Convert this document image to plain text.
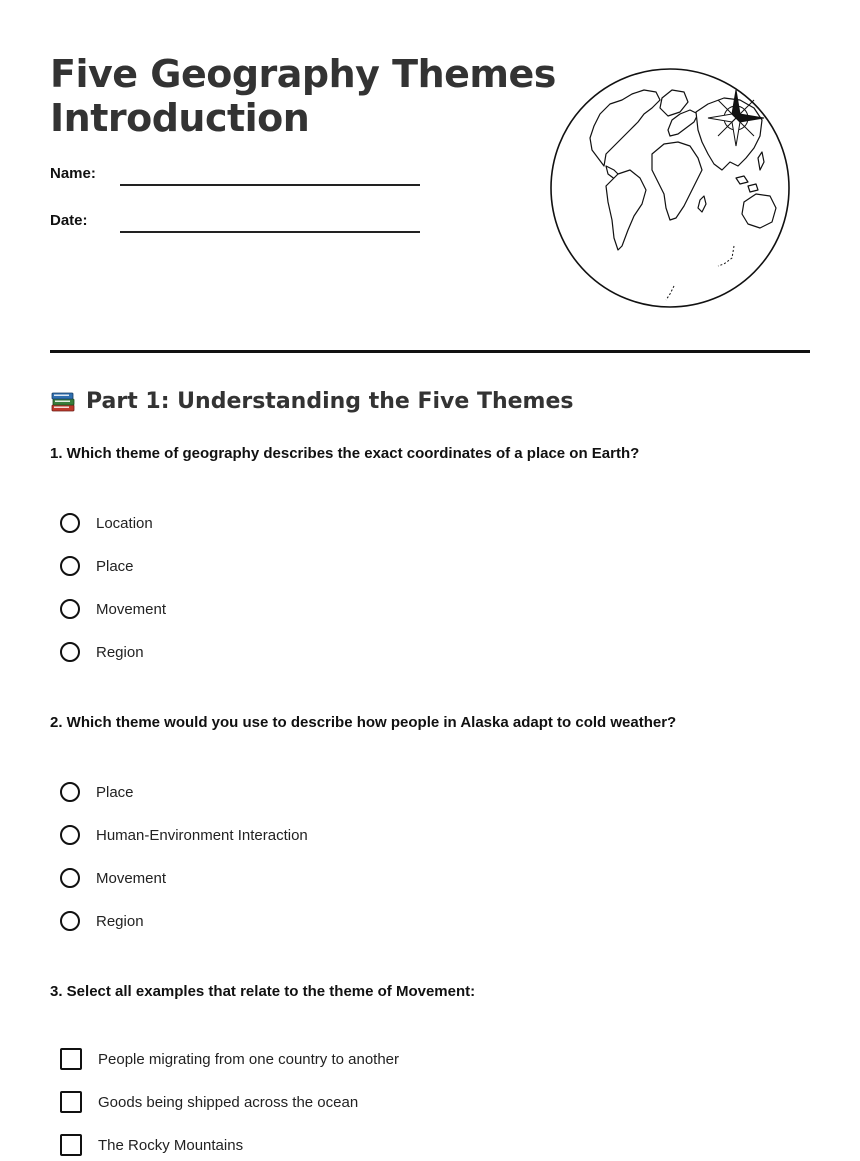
Five Geography Themes
Introduction
Name:
Date:
Part 1: Understanding the Five Themes

1. Which theme of geography describes the exact coordinates of a place on Earth?

Location
Place
Movement
Region

2. Which theme would you use to describe how people in Alaska adapt to cold weather?

Place
Human-Environment Interaction
Movement
Region

3. Select all examples that relate to the theme of Movement:

People migrating from one country to another
Goods being shipped across the ocean
The Rocky Mountains
